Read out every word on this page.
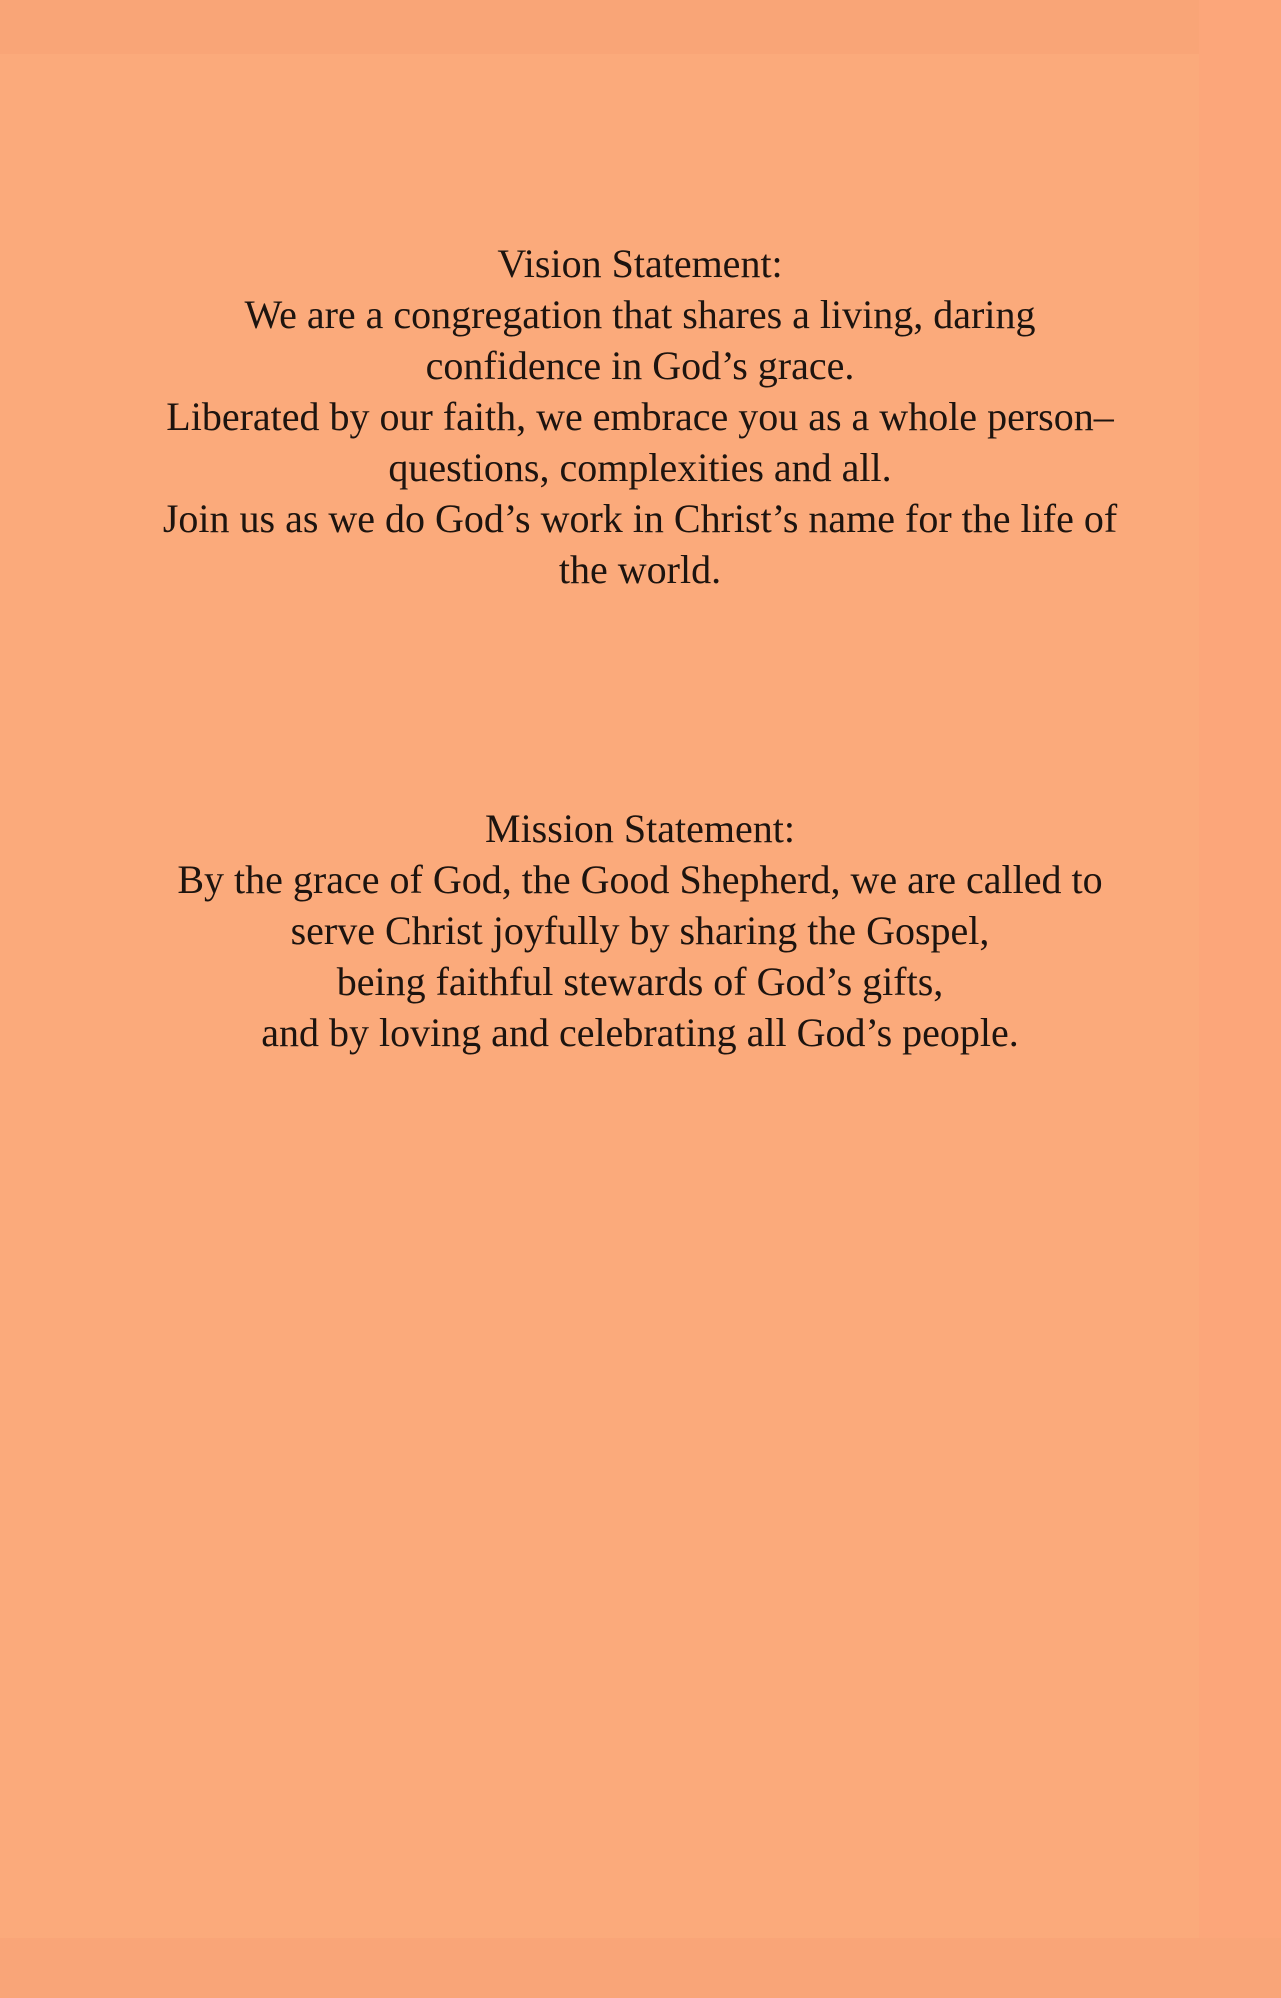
Vision Statement:

We are a congregation that shares a living, daring

confidence in God’s grace.

Liberated by our faith, we embrace you as a whole person–

questions, complexities and all.

Join us as we do God’s work in Christ’s name for the life of

the world.

Mission Statement:

By the grace of God, the Good Shepherd, we are called to

serve Christ joyfully by sharing the Gospel,

being faithful stewards of God’s gifts,

and by loving and celebrating all God’s people.
